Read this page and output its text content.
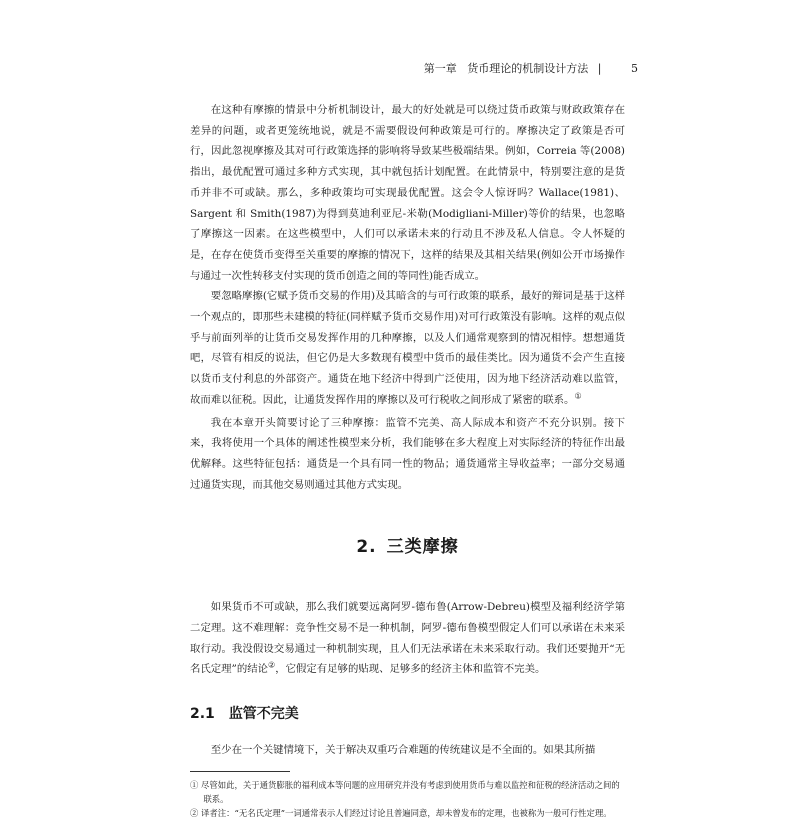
第一章 货币理论的机制设计方法 |	5

在这种有摩擦的情景中分析机制设计，最大的好处就是可以绕过货币政策与财政政策存在差异的问题，或者更笼统地说，就是不需要假设何种政策是可行的。摩擦决定了政策是否可行，因此忽视摩擦及其对可行政策选择的影响将导致某些极端结果。例如，Correia 等(2008)指出，最优配置可通过多种方式实现，其中就包括计划配置。在此情景中，特别要注意的是货币并非不可或缺。那么，多种政策均可实现最优配置。这会令人惊讶吗？Wallace(1981)、Sargent 和 Smith(1987)为得到莫迪利亚尼-米勒(Modigliani-Miller)等价的结果，也忽略了摩擦这一因素。在这些模型中，人们可以承诺未来的行动且不涉及私人信息。令人怀疑的是，在存在使货币变得至关重要的摩擦的情况下，这样的结果及其相关结果(例如公开市场操作与通过一次性转移支付实现的货币创造之间的等同性)能否成立。

要忽略摩擦(它赋予货币交易的作用)及其暗含的与可行政策的联系，最好的辩词是基于这样一个观点的，即那些未建模的特征(同样赋予货币交易作用)对可行政策没有影响。这样的观点似乎与前面列举的让货币交易发挥作用的几种摩擦，以及人们通常观察到的情况相悖。想想通货吧，尽管有相反的说法，但它仍是大多数现有模型中货币的最佳类比。因为通货不会产生直接以货币支付利息的外部资产。通货在地下经济中得到广泛使用，因为地下经济活动难以监管，故而难以征税。因此，让通货发挥作用的摩擦以及可行税收之间形成了紧密的联系。①

我在本章开头简要讨论了三种摩擦：监管不完美、高人际成本和资产不充分识别。接下来，我将使用一个具体的阐述性模型来分析，我们能够在多大程度上对实际经济的特征作出最优解释。这些特征包括：通货是一个具有同一性的物品；通货通常主导收益率；一部分交易通过通货实现，而其他交易则通过其他方式实现。

2. 三类摩擦

如果货币不可或缺，那么我们就要远离阿罗-德布鲁(Arrow-Debreu)模型及福利经济学第二定理。这不难理解：竞争性交易不是一种机制，阿罗-德布鲁模型假定人们可以承诺在未来采取行动。我没假设交易通过一种机制实现，且人们无法承诺在未来采取行动。我们还要抛开“无名氏定理”的结论②，它假定有足够的贴现、足够多的经济主体和监管不完美。

2.1 监管不完美

至少在一个关键情境下，关于解决双重巧合难题的传统建议是不全面的。如果其所描

① 尽管如此，关于通货膨胀的福利成本等问题的应用研究并没有考虑到使用货币与难以监控和征税的经济活动之间的联系。

② 译者注：“无名氏定理”一词通常表示人们经过讨论且普遍同意，却未曾发布的定理，也被称为一般可行性定理。
